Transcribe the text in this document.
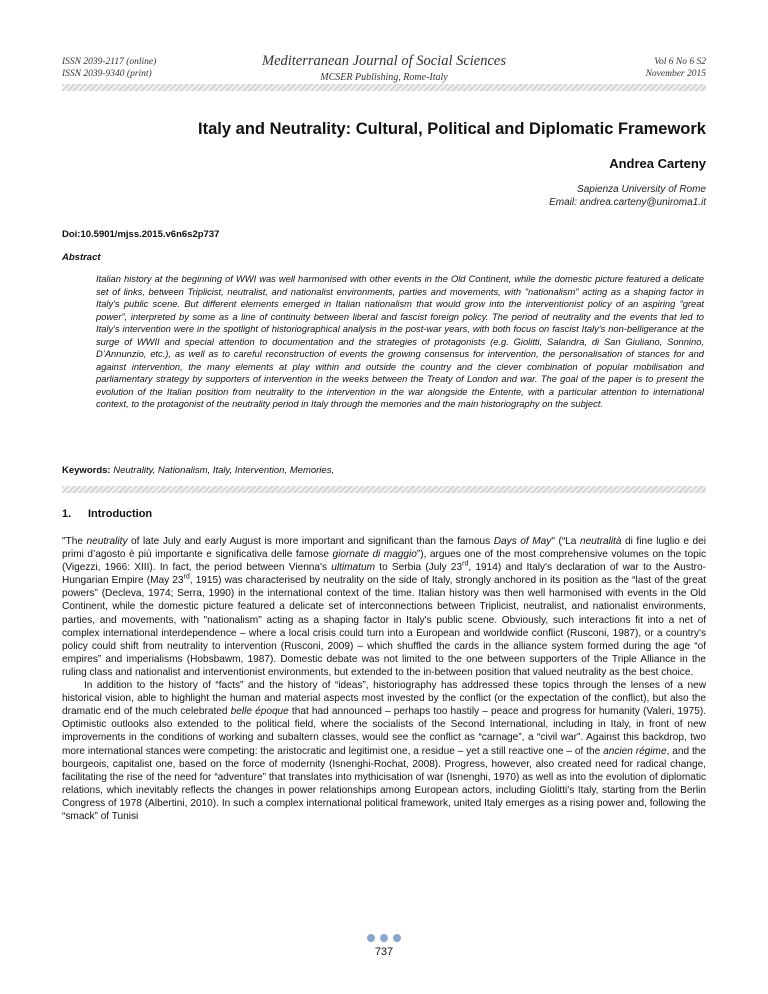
ISSN 2039-2117 (online)
ISSN 2039-9340 (print)
Mediterranean Journal of Social Sciences
MCSER Publishing, Rome-Italy
Vol 6 No 6 S2
November 2015
Italy and Neutrality: Cultural, Political and Diplomatic Framework
Andrea Carteny
Sapienza University of Rome
Email: andrea.carteny@uniroma1.it
Doi:10.5901/mjss.2015.v6n6s2p737
Abstract
Italian history at the beginning of WWI was well harmonised with other events in the Old Continent, while the domestic picture featured a delicate set of links, between Triplicist, neutralist, and nationalist environments, parties and movements, with "nationalism" acting as a shaping factor in Italy's public scene. But different elements emerged in Italian nationalism that would grow into the interventionist policy of an aspiring “great power”, interpreted by some as a line of continuity between liberal and fascist foreign policy. The period of neutrality and the events that led to Italy's intervention were in the spotlight of historiographical analysis in the post-war years, with both focus on fascist Italy's non-belligerance at the surge of WWII and special attention to documentation and the strategies of protagonists (e.g. Giolitti, Salandra, di San Giuliano, Sonnino, D’Annunzio, etc.), as well as to careful reconstruction of events the growing consensus for intervention, the personalisation of stances for and against intervention, the many elements at play within and outside the country and the clever combination of popular mobilisation and parliamentary strategy by supporters of intervention in the weeks between the Treaty of London and war. The goal of the paper is to present the evolution of the Italian position from neutrality to the intervention in the war alongside the Entente, with a particular attention to international context, to the protagonist of the neutrality period in Italy through the memories and the main historiography on the subject.
Keywords: Neutrality, Nationalism, Italy, Intervention, Memories,
1. Introduction

"The neutrality of late July and early August is more important and significant than the famous Days of May" (“La neutralità di fine luglio e dei primi d’agosto è più importante e significativa delle famose giornate di maggio”), argues one of the most comprehensive volumes on the topic (Vigezzi, 1966: XIII). In fact, the period between Vienna's ultimatum to Serbia (July 23rd, 1914) and Italy's declaration of war to the Austro-Hungarian Empire (May 23rd, 1915) was characterised by neutrality on the side of Italy, strongly anchored in its position as the “last of the great powers” (Decleva, 1974; Serra, 1990) in the international context of the time. Italian history was then well harmonised with events in the Old Continent, while the domestic picture featured a delicate set of interconnections between Triplicist, neutralist, and nationalist environments, parties, and movements, with "nationalism" acting as a shaping factor in Italy's public scene. Obviously, such interactions fit into a net of complex international interdependence – where a local crisis could turn into a European and worldwide conflict (Rusconi, 1987), or a country's policy could shift from neutrality to intervention (Rusconi, 2009) – which shuffled the cards in the alliance system formed during the age “of empires” and imperialisms (Hobsbawm, 1987). Domestic debate was not limited to the one between supporters of the Triple Alliance in the ruling class and nationalist and interventionist environments, but extended to the in-between position that valued neutrality as the best choice.

In addition to the history of “facts” and the history of “ideas”, historiography has addressed these topics through the lenses of a new historical vision, able to highlight the human and material aspects most invested by the conflict (or the expectation of the conflict), but also the dramatic end of the much celebrated belle époque that had announced – perhaps too hastily – peace and progress for humanity (Valeri, 1975). Optimistic outlooks also extended to the political field, where the socialists of the Second International, including in Italy, in front of new improvements in the conditions of working and subaltern classes, would see the conflict as “carnage”, a “civil war”. Against this backdrop, two more international stances were competing: the aristocratic and legitimist one, a residue – yet a still reactive one – of the ancien régime, and the bourgeois, capitalist one, based on the force of modernity (Isnenghi-Rochat, 2008). Progress, however, also created need for radical change, facilitating the rise of the need for “adventure” that translates into mythicisation of war (Isnenghi, 1970) as well as into the evolution of diplomatic relations, which inevitably reflects the changes in power relationships among European actors, including Giolitti's Italy, starting from the Berlin Congress of 1978 (Albertini, 2010). In such a complex international political framework, united Italy emerges as a rising power and, following the “smack” of Tunisi

737
